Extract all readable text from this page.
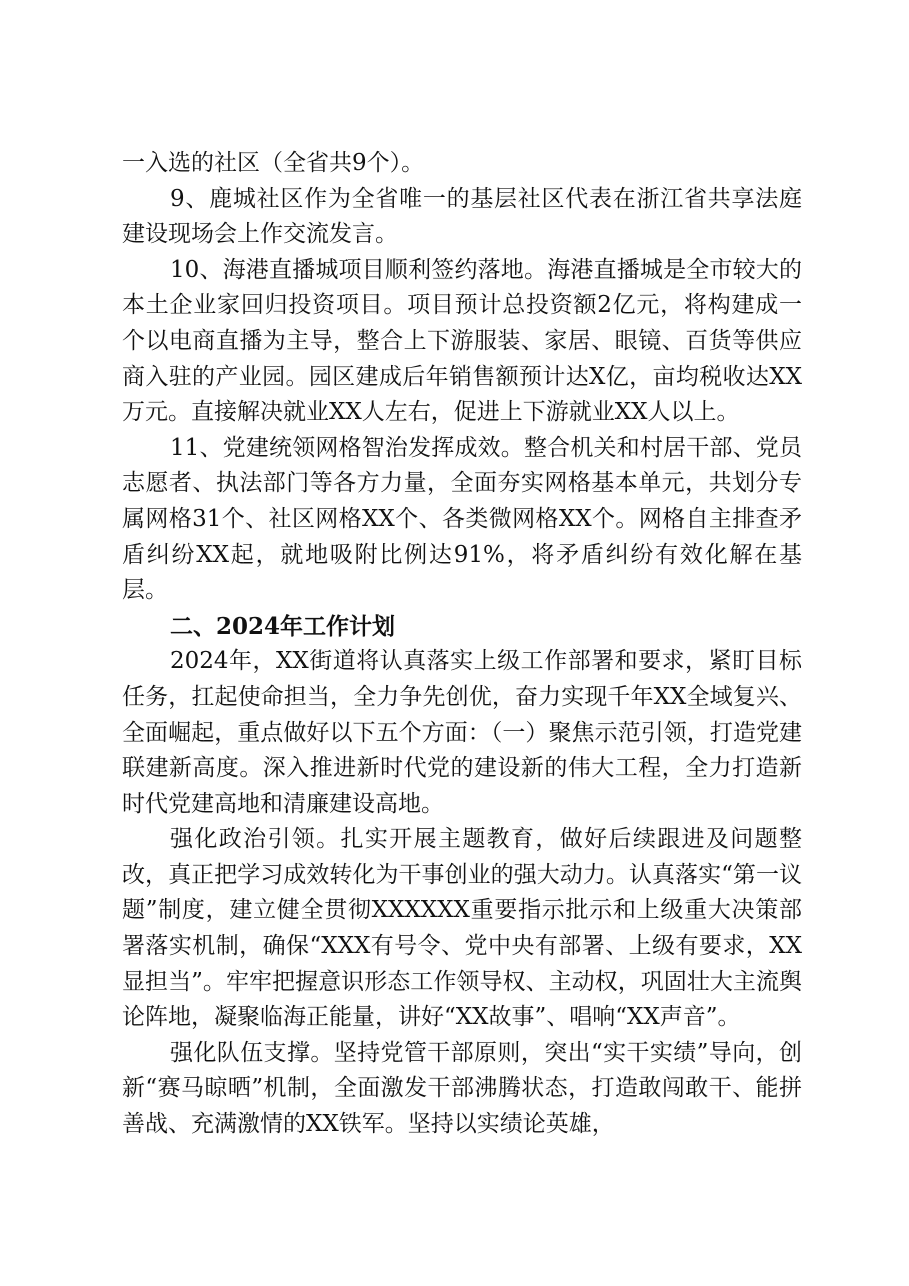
一入选的社区（全省共9个）。

9、鹿城社区作为全省唯一的基层社区代表在浙江省共享法庭建设现场会上作交流发言。

10、海港直播城项目顺利签约落地。海港直播城是全市较大的本土企业家回归投资项目。项目预计总投资额2亿元，将构建成一个以电商直播为主导，整合上下游服装、家居、眼镜、百货等供应商入驻的产业园。园区建成后年销售额预计达X亿，亩均税收达XX万元。直接解决就业XX人左右，促进上下游就业XX人以上。

11、党建统领网格智治发挥成效。整合机关和村居干部、党员志愿者、执法部门等各方力量，全面夯实网格基本单元，共划分专属网格31个、社区网格XX个、各类微网格XX个。网格自主排查矛盾纠纷XX起，就地吸附比例达91%，将矛盾纠纷有效化解在基层。

二、2024年工作计划

2024年，XX街道将认真落实上级工作部署和要求，紧盯目标任务，扛起使命担当，全力争先创优，奋力实现千年XX全域复兴、全面崛起，重点做好以下五个方面：（一）聚焦示范引领，打造党建联建新高度。深入推进新时代党的建设新的伟大工程，全力打造新时代党建高地和清廉建设高地。

强化政治引领。扎实开展主题教育，做好后续跟进及问题整改，真正把学习成效转化为干事创业的强大动力。认真落实“第一议题”制度，建立健全贯彻XXXXXX重要指示批示和上级重大决策部署落实机制，确保“XXX有号令、党中央有部署、上级有要求，XX显担当”。牢牢把握意识形态工作领导权、主动权，巩固壮大主流舆论阵地，凝聚临海正能量，讲好“XX故事”、唱响“XX声音”。

强化队伍支撑。坚持党管干部原则，突出“实干实绩”导向，创新“赛马晾晒”机制，全面激发干部沸腾状态，打造敢闯敢干、能拼善战、充满激情的XX铁军。坚持以实绩论英雄，
